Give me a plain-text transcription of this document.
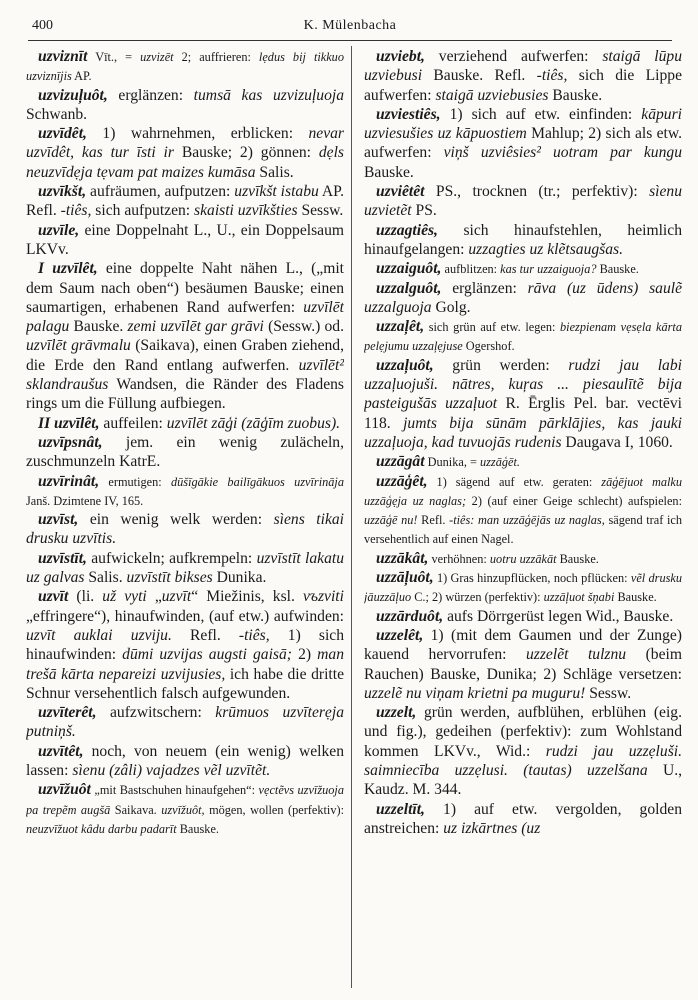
400	K. Mülenbacha

uzviznīt Vīt., = uzvizēt 2; auffrieren: lẹdus bij tikkuo uzviznījis AP.

uzvizuļuôt, erglänzen: tumsā kas uzvizuļuoja Schwanb.

uzvīdêt, 1) wahrnehmen, erblicken: nevar uzvīdêt, kas tur īsti ir Bauske; 2) gönnen: dẹls neuzvīdẹja tẹvam pat maizes kumāsa Salis.

uzvīkšt, aufräumen, aufputzen: uzvīkšt istabu AP. Refl. -tiês, sich aufputzen: skaisti uzvīkšties Sessw.

uzvīle, eine Doppelnaht L., U., ein Doppelsaum LKVv.

I uzvīlêt, eine doppelte Naht nähen L., („mit dem Saum nach oben“) besäumen Bauske; einen saumartigen, erhabenen Rand aufwerfen: uzvīlēt palagu Bauske. zemi uzvīlēt gar grāvi (Sessw.) od. uzvīlēt grāvmalu (Saikava), einen Graben ziehend, die Erde den Rand entlang aufwerfen. uzvīlēt² sklandraušus Wandsen, die Ränder des Fladens rings um die Füllung aufbiegen.

II uzvīlêt, auffeilen: uzvīlēt zāģi (zāģīm zuobus).

uzvīpsnât, jem. ein wenig zulächeln, zuschmunzeln KatrE.

uzvīrinât, ermutigen: dūšīgākie bailīgākuos uzvīrināja Janš. Dzimtene IV, 165.

uzvīst, ein wenig welk werden: sìens tikai drusku uzvītis.

uzvīstīt, aufwickeln; aufkrempeln: uzvīstīt lakatu uz galvas Salis. uzvīstīt bikses Dunika.

uzvīt (li. už vyti „uzvīt“ Miežinis, ksl. vъzviti „effringere“), hinaufwinden, (auf etw.) aufwinden: uzvīt auklai uzviju. Refl. -tiês, 1) sich hinaufwinden: dūmi uzvijas augsti gaisā; 2) man trešā kārta nepareizi uzvijusies, ich habe die dritte Schnur versehentlich falsch aufgewunden.

uzvīterêt, aufzwitschern: krūmuos uzvīterẹja putniņš.

uzvītêt, noch, von neuem (ein wenig) welken lassen: sìenu (zâli) vajadzes vẽl uzvītẽt.

uzvīžuôt „mit Bastschuhen hinaufgehen“: vẹctẽvs uzvīžuoja pa trepẽm augšā Saikava. uzvīžuôt, mögen, wollen (perfektiv): neuzvīžuot kâdu darbu padarīt Bauske.

uzviebt, verziehend aufwerfen: staigā lūpu uzviebusi Bauske. Refl. -tiês, sich die Lippe aufwerfen: staigā uzviebusies Bauske.

uzviestiês, 1) sich auf etw. einfinden: kāpuri uzviesušies uz kāpuostiem Mahlup; 2) sich als etw. aufwerfen: viņš uzviêsies² uotram par kungu Bauske.

uzviêtêt PS., trocknen (tr.; perfektiv): sìenu uzvietẽt PS.

uzzagtiês, sich hinaufstehlen, heimlich hinaufgelangen: uzzagties uz klẽtsaugšas.

uzzaiguôt, aufblitzen: kas tur uzzaiguoja? Bauske.

uzzalguôt, erglänzen: rāva (uz ūdens) saulẽ uzzalguoja Golg.

uzzaļêt, sich grün auf etw. legen: biezpienam vẹsẹla kārta pelẹjumu uzzaļẹjuse Ogershof.

uzzaļuôt, grün werden: rudzi jau labi uzzaļuojuši. nātres, kuŗas ... piesaulītẽ bija pasteigušās uzzaļuot R. Ērglis Pel. bar. vectēvi 118. jumts bija sūnām pārklājies, kas jauki uzzaļuoja, kad tuvuojās rudenis Daugava I, 1060.

uzzāgât Dunika, = uzzāģēt.

uzzāģêt, 1) sägend auf etw. geraten: zāģējuot malku uzzāģẹja uz naglas; 2) (auf einer Geige schlecht) aufspielen: uzzāģē nu! Refl. -tiês: man uzzāģējās uz naglas, sägend traf ich versehentlich auf einen Nagel.

uzzākât, verhöhnen: uotru uzzākāt Bauske.

uzzāļuôt, 1) Gras hinzupflücken, noch pflücken: vẽl drusku jāuzzāļuo C.; 2) würzen (perfektiv): uzzāļuot šņabi Bauske.

uzzārduôt, aufs Dörrgerüst legen Wid., Bauske.

uzzelêt, 1) (mit dem Gaumen und der Zunge) kauend hervorrufen: uzzelẽt tulznu (beim Rauchen) Bauske, Dunika; 2) Schläge versetzen: uzzelẽ nu viņam krietni pa muguru! Sessw.

uzzelt, grün werden, aufblühen, erblühen (eig. und fig.), gedeihen (perfektiv): zum Wohlstand kommen LKVv., Wid.: rudzi jau uzzẹluši. saimniecība uzzẹlusi. (tautas) uzzelšana U., Kaudz. M. 344.

uzzeltīt, 1) auf etw. vergolden, golden anstreichen: uz izkārtnes (uz
